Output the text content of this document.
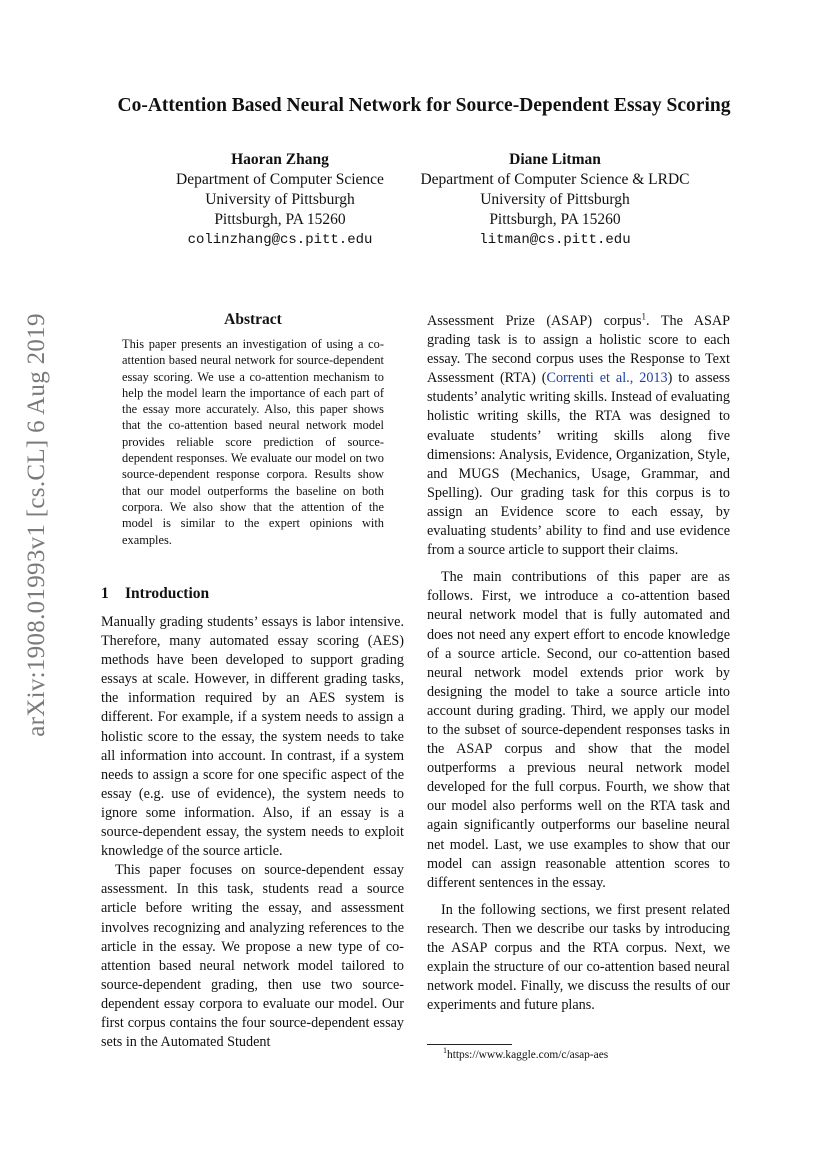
arXiv:1908.01993v1 [cs.CL] 6 Aug 2019
Co-Attention Based Neural Network for Source-Dependent Essay Scoring
Haoran Zhang
Department of Computer Science
University of Pittsburgh
Pittsburgh, PA 15260
colinzhang@cs.pitt.edu
Diane Litman
Department of Computer Science & LRDC
University of Pittsburgh
Pittsburgh, PA 15260
litman@cs.pitt.edu
Abstract
This paper presents an investigation of using a co-attention based neural network for source-dependent essay scoring. We use a co-attention mechanism to help the model learn the importance of each part of the essay more accurately. Also, this paper shows that the co-attention based neural network model provides reliable score prediction of source-dependent responses. We evaluate our model on two source-dependent response corpora. Results show that our model outperforms the baseline on both corpora. We also show that the attention of the model is similar to the expert opinions with examples.
1 Introduction

Manually grading students’ essays is labor intensive. Therefore, many automated essay scoring (AES) methods have been developed to support grading essays at scale. However, in different grading tasks, the information required by an AES system is different. For example, if a system needs to assign a holistic score to the essay, the system needs to take all information into account. In contrast, if a system needs to assign a score for one specific aspect of the essay (e.g. use of evidence), the system needs to ignore some information. Also, if an essay is a source-dependent essay, the system needs to exploit knowledge of the source article.

This paper focuses on source-dependent essay assessment. In this task, students read a source article before writing the essay, and assessment involves recognizing and analyzing references to the article in the essay. We propose a new type of co-attention based neural network model tailored to source-dependent grading, then use two source-dependent essay corpora to evaluate our model. Our first corpus contains the four source-dependent essay sets in the Automated Student

Assessment Prize (ASAP) corpus$^1$. The ASAP grading task is to assign a holistic score to each essay. The second corpus uses the Response to Text Assessment (RTA) (Correnti et al., 2013) to assess students’ analytic writing skills. Instead of evaluating holistic writing skills, the RTA was designed to evaluate students’ writing skills along five dimensions: Analysis, Evidence, Organization, Style, and MUGS (Mechanics, Usage, Grammar, and Spelling). Our grading task for this corpus is to assign an Evidence score to each essay, by evaluating students’ ability to find and use evidence from a source article to support their claims.

The main contributions of this paper are as follows. First, we introduce a co-attention based neural network model that is fully automated and does not need any expert effort to encode knowledge of a source article. Second, our co-attention based neural network model extends prior work by designing the model to take a source article into account during grading. Third, we apply our model to the subset of source-dependent responses tasks in the ASAP corpus and show that the model outperforms a previous neural network model developed for the full corpus. Fourth, we show that our model also performs well on the RTA task and again significantly outperforms our baseline neural net model. Last, we use examples to show that our model can assign reasonable attention scores to different sentences in the essay.

In the following sections, we first present related research. Then we describe our tasks by introducing the ASAP corpus and the RTA corpus. Next, we explain the structure of our co-attention based neural network model. Finally, we discuss the results of our experiments and future plans.

$^1$https://www.kaggle.com/c/asap-aes
